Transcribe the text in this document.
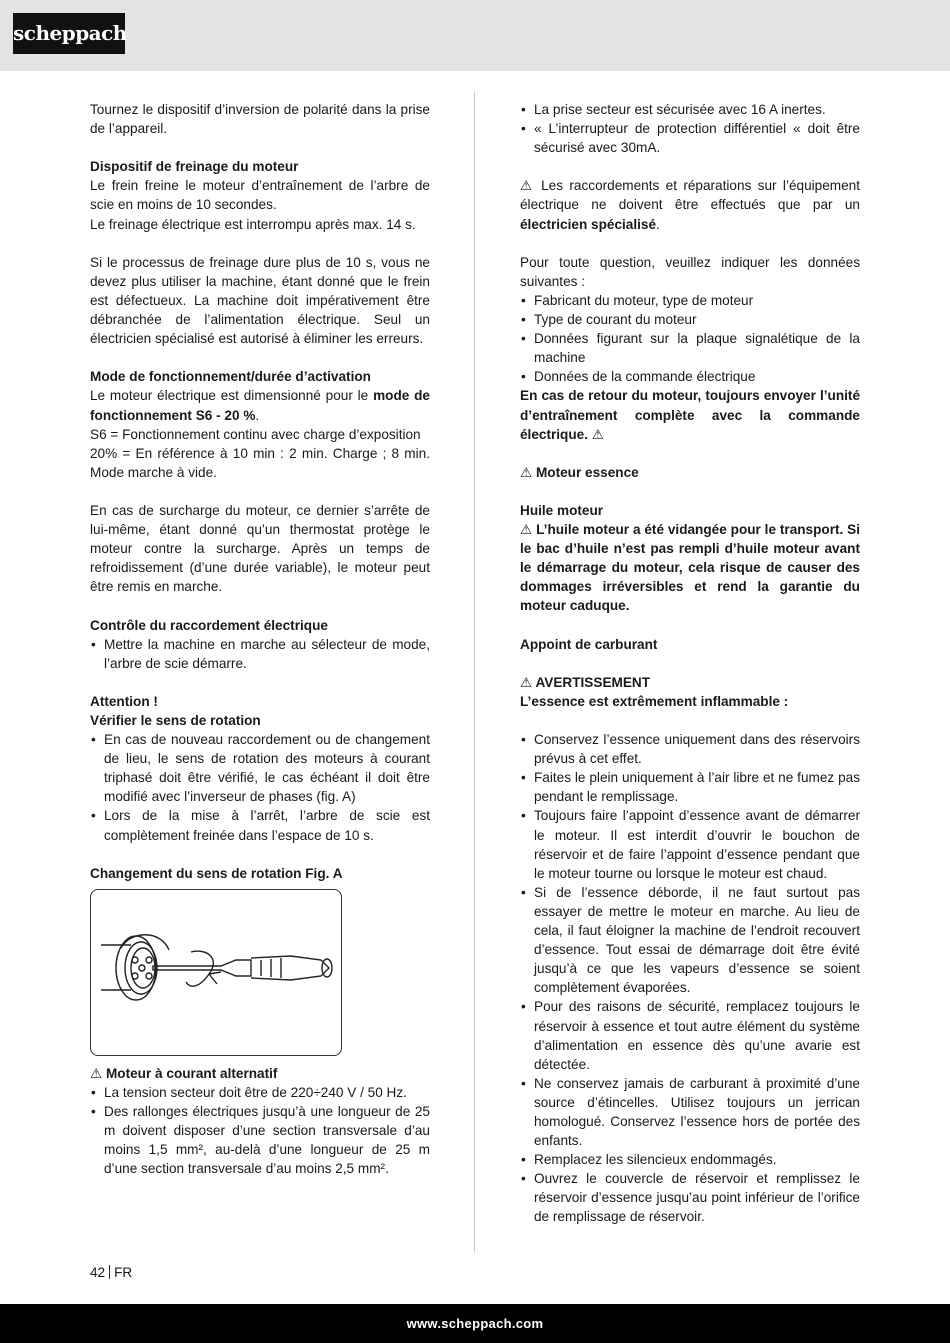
scheppach

Tournez le dispositif d’inversion de polarité dans la prise de l’appareil.

Dispositif de freinage du moteur

Le frein freine le moteur d’entraînement de l’arbre de scie en moins de 10 secondes.

Le freinage électrique est interrompu après max. 14 s.

Si le processus de freinage dure plus de 10 s, vous ne devez plus utiliser la machine, étant donné que le frein est défectueux. La machine doit impérativement être débranchée de l’alimentation électrique. Seul un électricien spécialisé est autorisé à éliminer les erreurs.

Mode de fonctionnement/durée d’activation

Le moteur électrique est dimensionné pour le mode de fonctionnement S6 - 20 %.

S6 = Fonctionnement continu avec charge d’exposition

20% = En référence à 10 min : 2 min. Charge ; 8 min. Mode marche à vide.

En cas de surcharge du moteur, ce dernier s’arrête de lui-même, étant donné qu’un thermostat protège le moteur contre la surcharge. Après un temps de refroidissement (d’une durée variable), le moteur peut être remis en marche.

Contrôle du raccordement électrique

• Mettre la machine en marche au sélecteur de mode, l’arbre de scie démarre.

Attention !

Vérifier le sens de rotation

• En cas de nouveau raccordement ou de changement de lieu, le sens de rotation des moteurs à courant triphasé doit être vérifié, le cas échéant il doit être modifié avec l’inverseur de phases (fig. A)
• Lors de la mise à l’arrêt, l’arbre de scie est complètement freinée dans l’espace de 10 s.

Changement du sens de rotation Fig. A

⚠ Moteur à courant alternatif

• La tension secteur doit être de 220÷240 V / 50 Hz.
• Des rallonges électriques jusqu’à une longueur de 25 m doivent disposer d’une section transversale d’au moins 1,5 mm², au-delà d’une longueur de 25 m d’une section transversale d’au moins 2,5 mm².
• La prise secteur est sécurisée avec 16 A inertes.
• « L’interrupteur de protection différentiel « doit être sécurisé avec 30mA.

⚠ Les raccordements et réparations sur l’équipement électrique ne doivent être effectués que par un électricien spécialisé.

Pour toute question, veuillez indiquer les données suivantes :

• Fabricant du moteur, type de moteur
• Type de courant du moteur
• Données figurant sur la plaque signalétique de la machine
• Données de la commande électrique

En cas de retour du moteur, toujours envoyer l’unité d’entraînement complète avec la commande électrique. ⚠

⚠ Moteur essence

Huile moteur

⚠ L’huile moteur a été vidangée pour le transport. Si le bac d’huile n’est pas rempli d’huile moteur avant le démarrage du moteur, cela risque de causer des dommages irréversibles et rend la garantie du moteur caduque.

Appoint de carburant

⚠ AVERTISSEMENT

L’essence est extrêmement inflammable :

• Conservez l’essence uniquement dans des réservoirs prévus à cet effet.
• Faites le plein uniquement à l’air libre et ne fumez pas pendant le remplissage.
• Toujours faire l’appoint d’essence avant de démarrer le moteur. Il est interdit d’ouvrir le bouchon de réservoir et de faire l’appoint d’essence pendant que le moteur tourne ou lorsque le moteur est chaud.
• Si de l’essence déborde, il ne faut surtout pas essayer de mettre le moteur en marche. Au lieu de cela, il faut éloigner la machine de l’endroit recouvert d’essence. Tout essai de démarrage doit être évité jusqu’à ce que les vapeurs d’essence se soient complètement évaporées.
• Pour des raisons de sécurité, remplacez toujours le réservoir à essence et tout autre élément du système d’alimentation en essence dès qu’une avarie est détectée.
• Ne conservez jamais de carburant à proximité d’une source d’étincelles. Utilisez toujours un jerrican homologué. Conservez l’essence hors de portée des enfants.
• Remplacez les silencieux endommagés.
• Ouvrez le couvercle de réservoir et remplissez le réservoir d’essence jusqu’au point inférieur de l’orifice de remplissage de réservoir.
42 FR
www.scheppach.com
